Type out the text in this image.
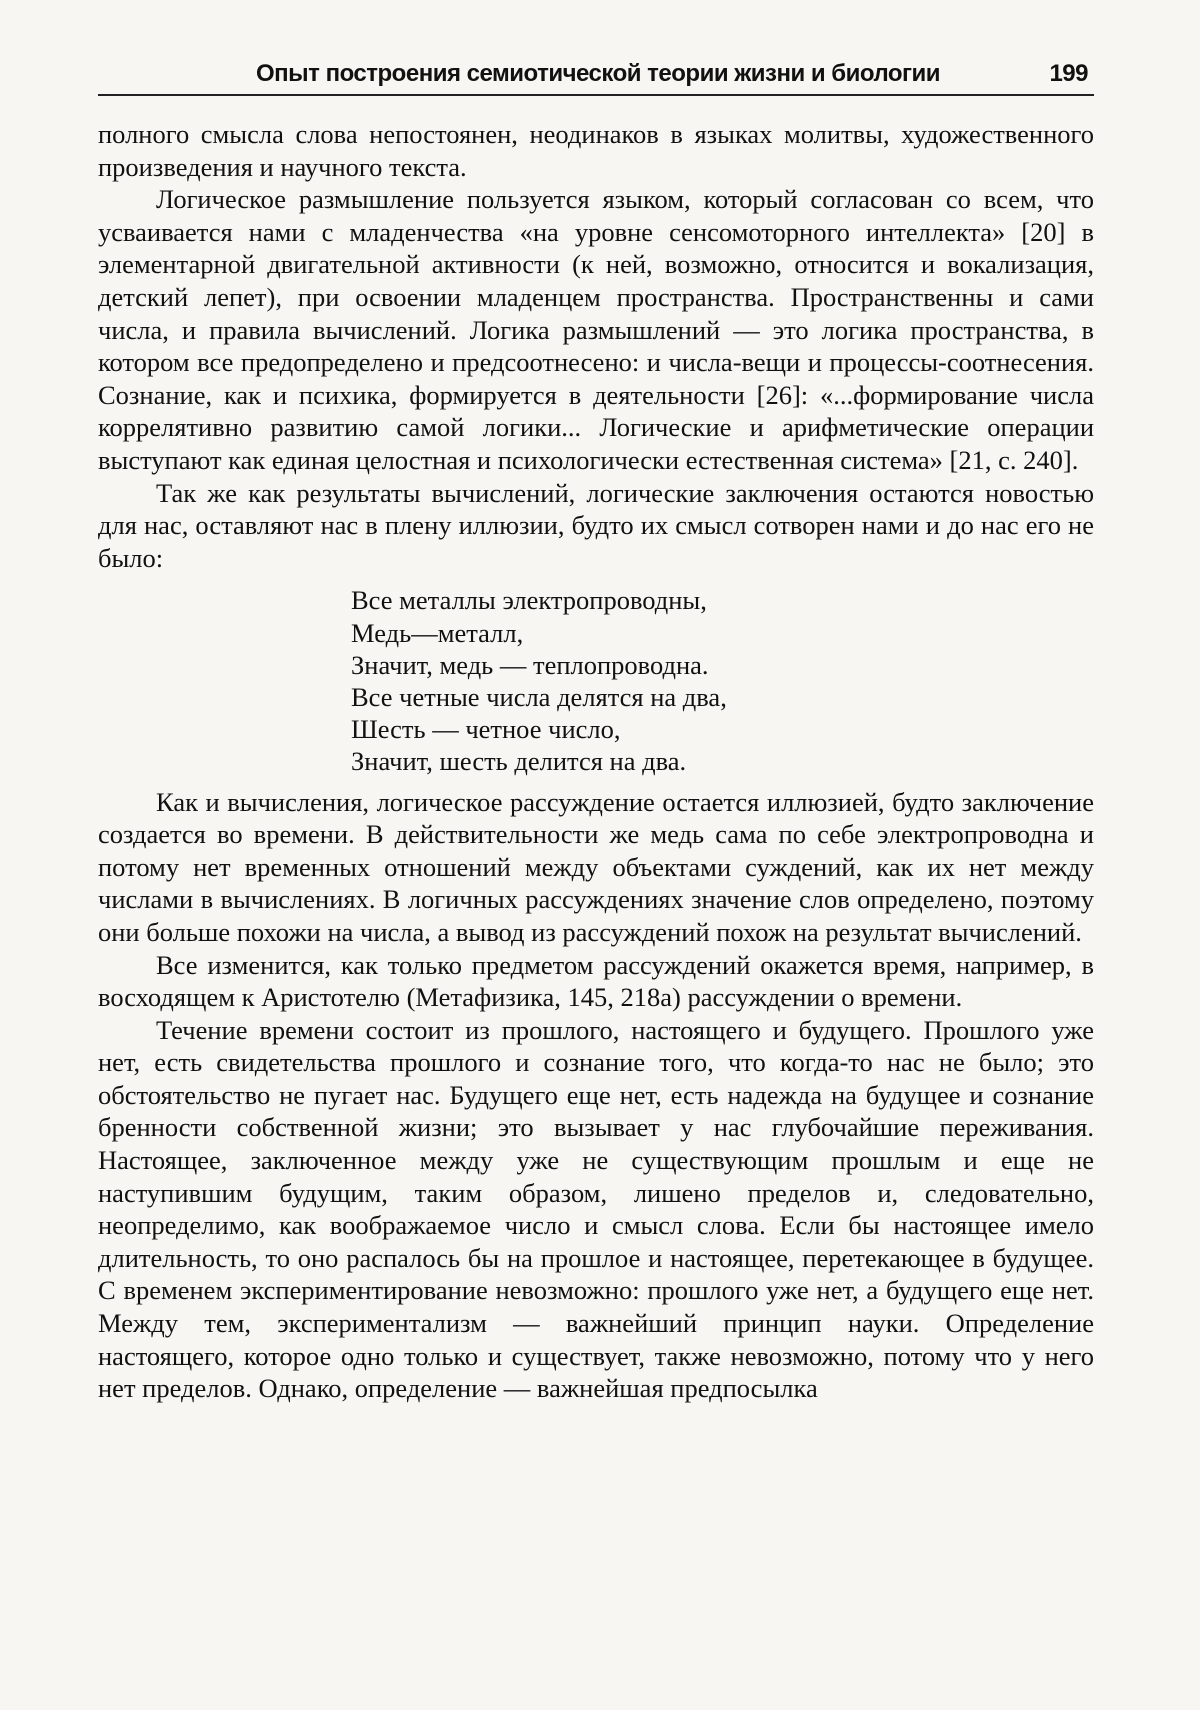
Опыт построения семиотической теории жизни и биологии	199

полного смысла слова непостоянен, неодинаков в языках молитвы, художественного произведения и научного текста.

Логическое размышление пользуется языком, который согласован со всем, что усваивается нами с младенчества «на уровне сенсомоторного интеллекта» [20] в элементарной двигательной активности (к ней, возможно, относится и вокализация, детский лепет), при освоении младенцем пространства. Пространственны и сами числа, и правила вычислений. Логика размышлений — это логика пространства, в котором все предопределено и предсоотнесено: и числа-вещи и процессы-соотнесения. Сознание, как и психика, формируется в деятельности [26]: «...формирование числа коррелятивно развитию самой логики... Логические и арифметические операции выступают как единая целостная и психологически естественная система» [21, с. 240].

Так же как результаты вычислений, логические заключения остаются новостью для нас, оставляют нас в плену иллюзии, будто их смысл сотворен нами и до нас его не было:

Все металлы электропроводны,
Медь—металл,
Значит, медь — теплопроводна.
Все четные числа делятся на два,
Шесть — четное число,
Значит, шесть делится на два.

Как и вычисления, логическое рассуждение остается иллюзией, будто заключение создается во времени. В действительности же медь сама по себе электропроводна и потому нет временных отношений между объектами суждений, как их нет между числами в вычислениях. В логичных рассуждениях значение слов определено, поэтому они больше похожи на числа, а вывод из рассуждений похож на результат вычислений.

Все изменится, как только предметом рассуждений окажется время, например, в восходящем к Аристотелю (Метафизика, 145, 218а) рассуждении о времени.

Течение времени состоит из прошлого, настоящего и будущего. Прошлого уже нет, есть свидетельства прошлого и сознание того, что когда-то нас не было; это обстоятельство не пугает нас. Будущего еще нет, есть надежда на будущее и сознание бренности собственной жизни; это вызывает у нас глубочайшие переживания. Настоящее, заключенное между уже не существующим прошлым и еще не наступившим будущим, таким образом, лишено пределов и, следовательно, неопределимо, как воображаемое число и смысл слова. Если бы настоящее имело длительность, то оно распалось бы на прошлое и настоящее, перетекающее в будущее. С временем экспериментирование невозможно: прошлого уже нет, а будущего еще нет. Между тем, экспериментализм — важнейший принцип науки. Определение настоящего, которое одно только и существует, также невозможно, потому что у него нет пределов. Однако, определение — важнейшая предпосылка
